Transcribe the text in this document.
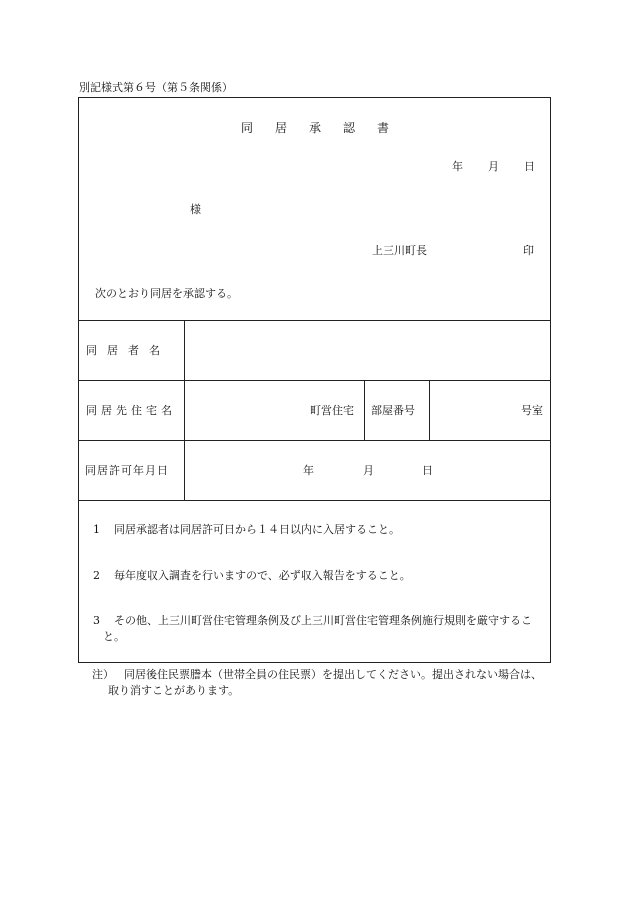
別記様式第６号（第５条関係）
同居承認書
年 月 日
様
上三川町長	印
次のとおり同居を承認する。
同居者名
同居先住宅名	町営住宅 部屋番号	号室
同居許可年月日	年	月	日
1 同居承認者は同居許可日から１４日以内に入居すること。
2 毎年度収入調査を行いますので、必ず収入報告をすること。
3	その他、上三川町営住宅管理条例及び上三川町営住宅管理条例施行規則を厳守すること。
注） 同居後住民票謄本（世帯全員の住民票）を提出してください。提出されない場合は、取り消すことがあります。
